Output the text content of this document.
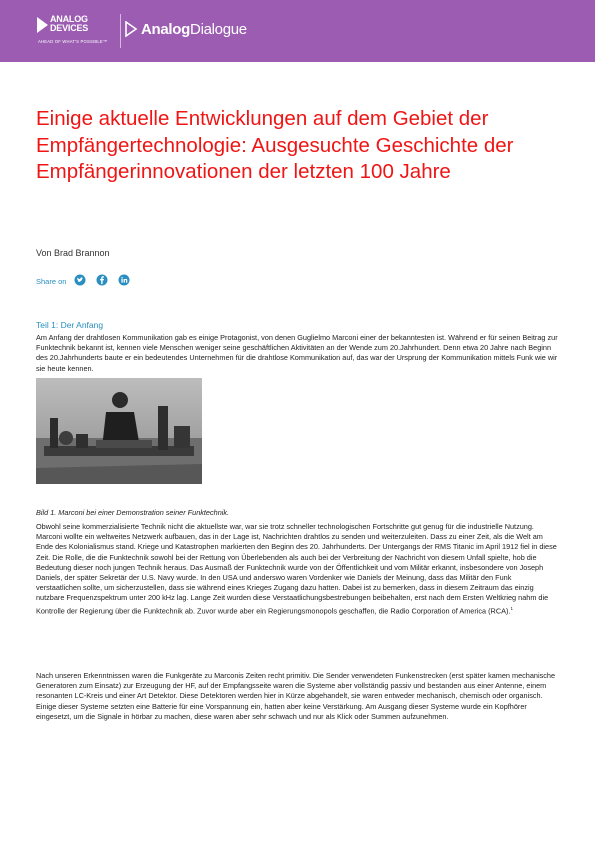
ANALOG
DEVICES
AHEAD OF WHAT'S POSSIBLE™
AnalogDialogue
Einige aktuelle Entwicklungen auf dem Gebiet der Empfängertechnologie: Ausgesuchte Geschichte der Empfängerinnovationen der letzten 100 Jahre
Von Brad Brannon
Share on
Teil 1: Der Anfang

Am Anfang der drahtlosen Kommunikation gab es einige Protagonist, von denen Guglielmo Marconi einer der bekanntesten ist. Während er für seinen Beitrag zur Funktechnik bekannt ist, kennen viele Menschen weniger seine geschäftlichen Aktivitäten an der Wende zum 20.Jahrhundert. Denn etwa 20 Jahre nach Beginn des 20.Jahrhunderts baute er ein bedeutendes Unternehmen für die drahtlose Kommunikation auf, das war der Ursprung der Kommunikation mittels Funk wie wir sie heute kennen.

Bild 1. Marconi bei einer Demonstration seiner Funktechnik.

Obwohl seine kommerzialisierte Technik nicht die aktuellste war, war sie trotz schneller technologischen Fortschritte gut genug für die industrielle Nutzung. Marconi wollte ein weltweites Netzwerk aufbauen, das in der Lage ist, Nachrichten drahtlos zu senden und weiterzuleiten. Dass zu einer Zeit, als die Welt am Ende des Kolonialismus stand. Kriege und Katastrophen markierten den Beginn des 20. Jahrhunderts. Der Untergangs der RMS Titanic im April 1912 fiel in diese Zeit. Die Rolle, die die Funktechnik sowohl bei der Rettung von Überlebenden als auch bei der Verbreitung der Nachricht von diesem Unfall spielte, hob die Bedeutung dieser noch jungen Technik heraus. Das Ausmaß der Funktechnik wurde von der Öffentlichkeit und vom Militär erkannt, insbesondere von Joseph Daniels, der später Sekretär der U.S. Navy wurde. In den USA und anderswo waren Vordenker wie Daniels der Meinung, dass das Militär den Funk verstaatlichen sollte, um sicherzustellen, dass sie während eines Krieges Zugang dazu hatten. Dabei ist zu bemerken, dass in diesem Zeitraum das einzig nutzbare Frequenzspektrum unter 200 kHz lag. Lange Zeit wurden diese Verstaatlichungsbestrebungen beibehalten, erst nach dem Ersten Weltkrieg nahm die Kontrolle der Regierung über die Funktechnik ab. Zuvor wurde aber ein Regierungsmonopols geschaffen, die Radio Corporation of America (RCA).$^1$

Nach unseren Erkenntnissen waren die Funkgeräte zu Marconis Zeiten recht primitiv. Die Sender verwendeten Funkenstrecken (erst später kamen mechanische Generatoren zum Einsatz) zur Erzeugung der HF, auf der Empfangsseite waren die Systeme aber vollständig passiv und bestanden aus einer Antenne, einem resonanten LC-Kreis und einer Art Detektor. Diese Detektoren werden hier in Kürze abgehandelt, sie waren entweder mechanisch, chemisch oder organisch. Einige dieser Systeme setzten eine Batterie für eine Vorspannung ein, hatten aber keine Verstärkung. Am Ausgang dieser Systeme wurde ein Kopfhörer eingesetzt, um die Signale in hörbar zu machen, diese waren aber sehr schwach und nur als Klick oder Summen aufzunehmen.
